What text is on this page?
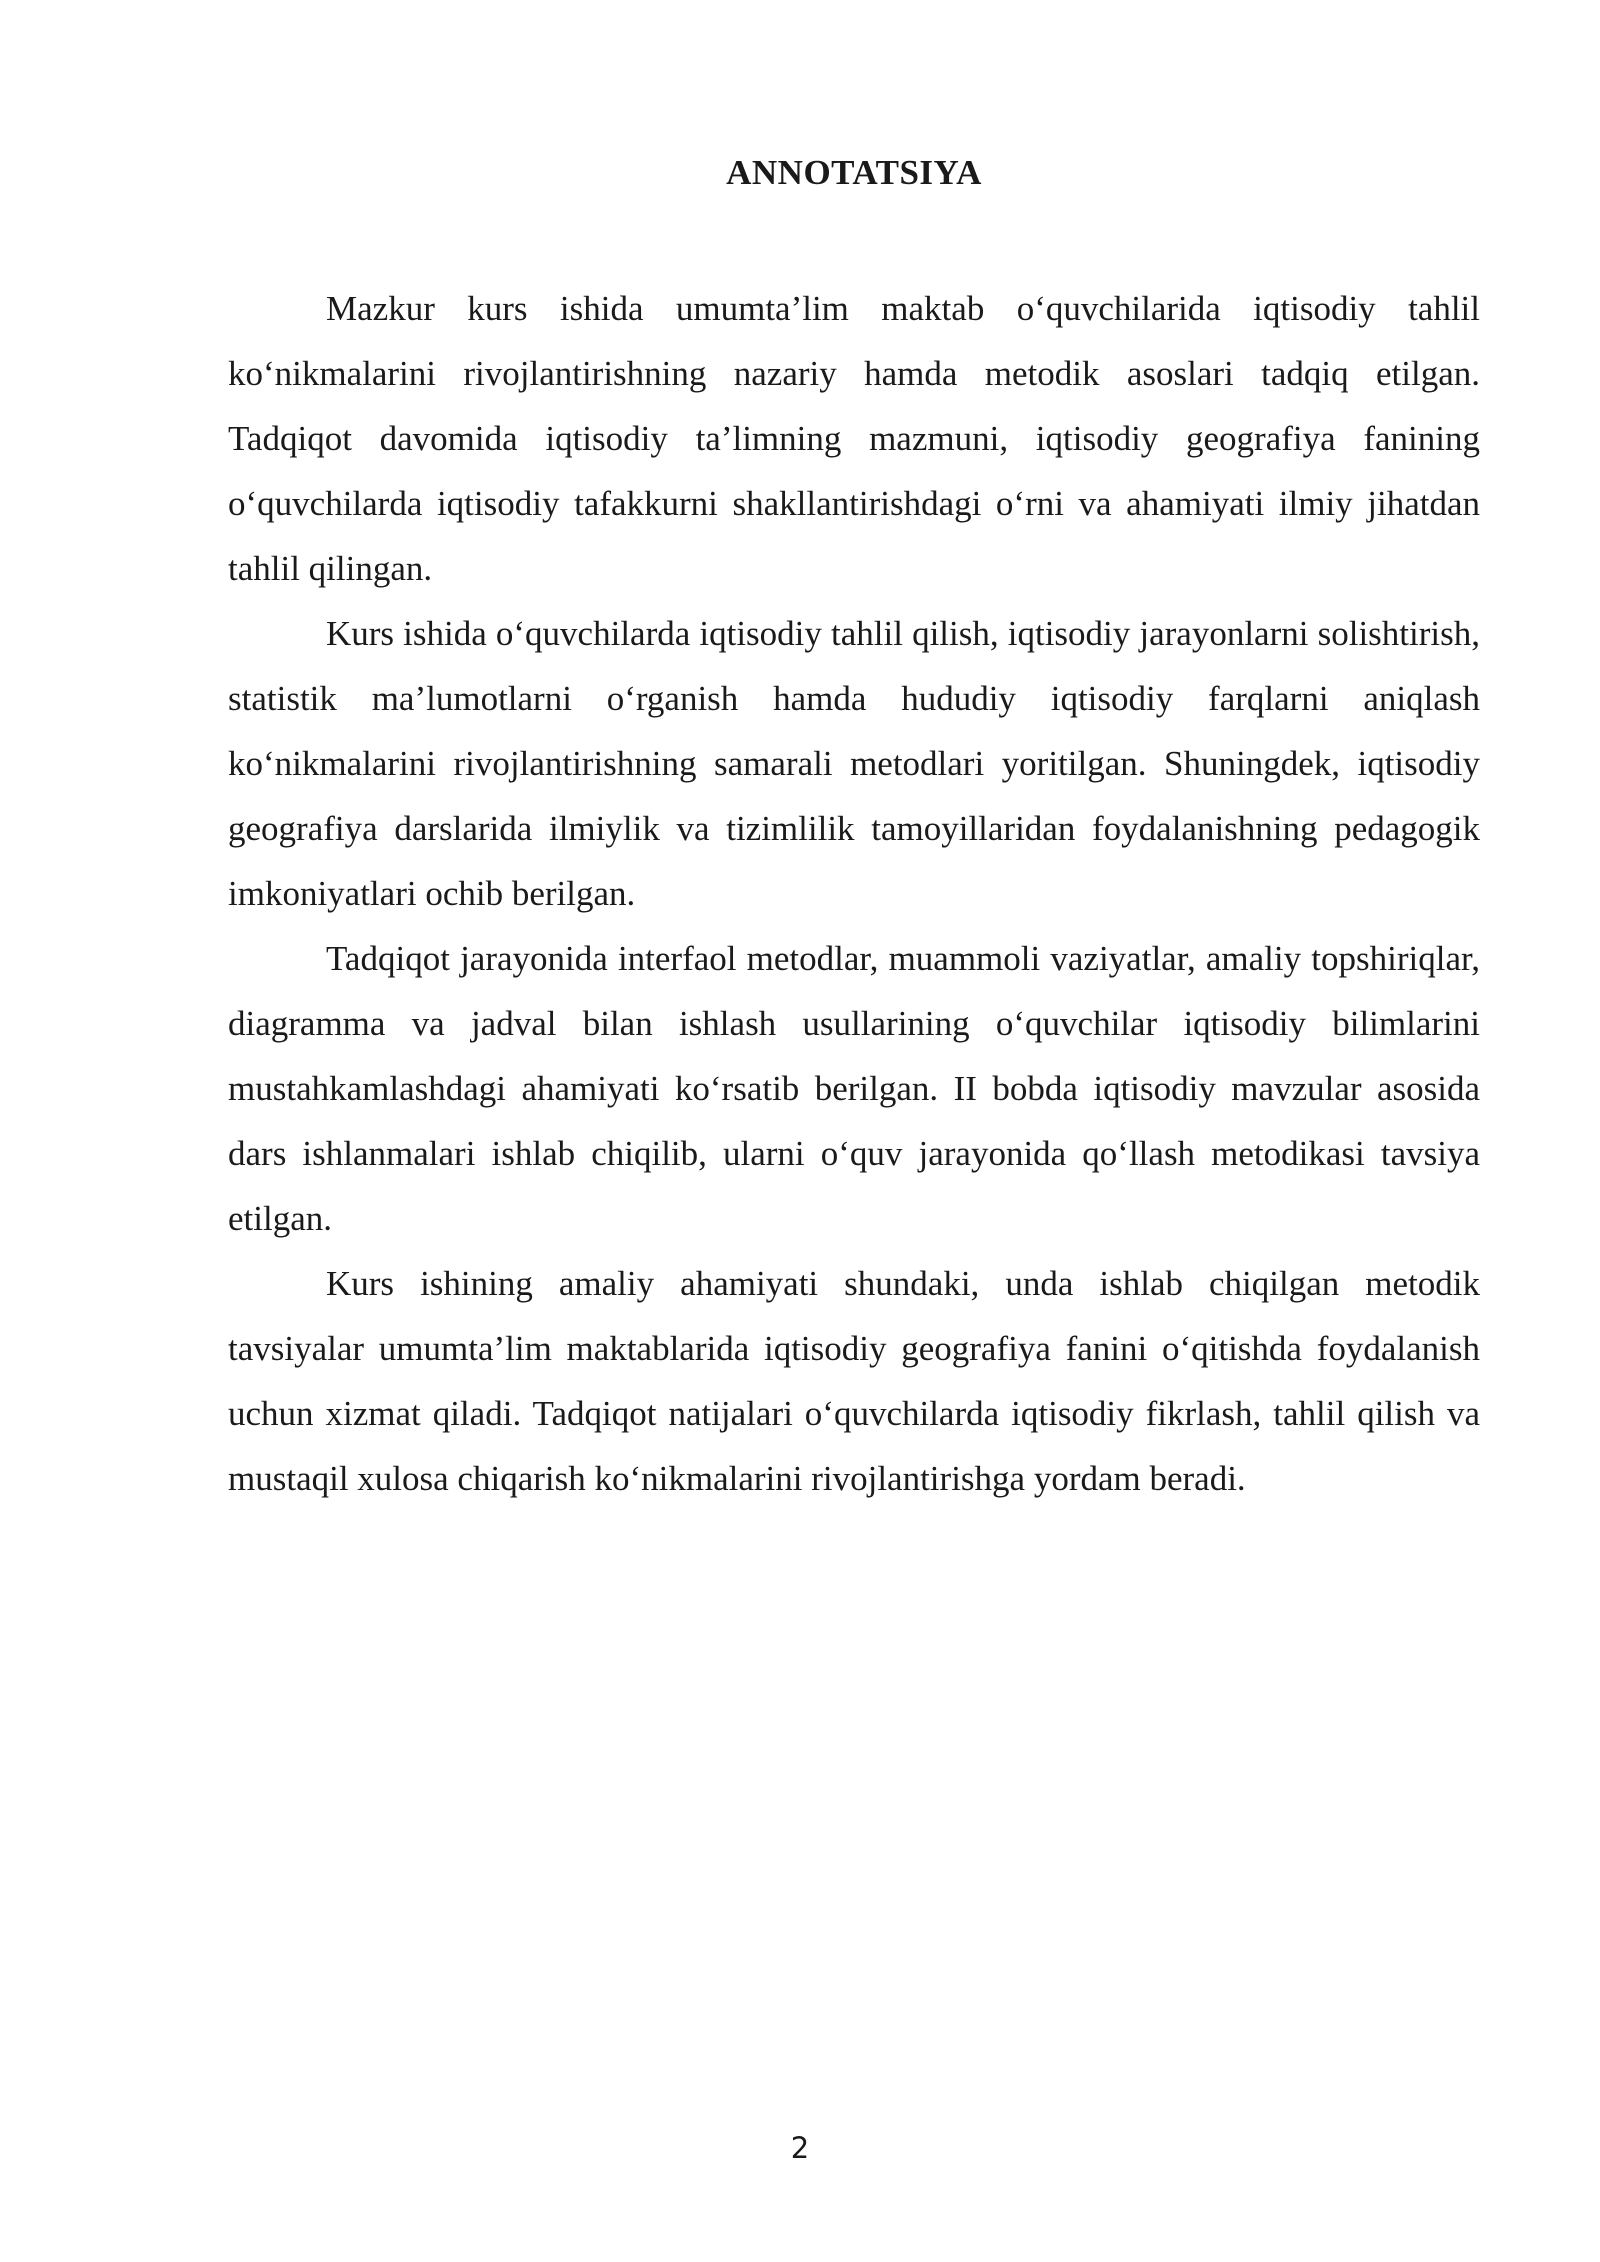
ANNOTATSIYA

Mazkur kurs ishida umumta’lim maktab o‘quvchilarida iqtisodiy tahlil ko‘nikmalarini rivojlantirishning nazariy hamda metodik asoslari tadqiq etilgan. Tadqiqot davomida iqtisodiy ta’limning mazmuni, iqtisodiy geografiya fanining o‘quvchilarda iqtisodiy tafakkurni shakllantirishdagi o‘rni va ahamiyati ilmiy jihatdan tahlil qilingan.

Kurs ishida o‘quvchilarda iqtisodiy tahlil qilish, iqtisodiy jarayonlarni solishtirish, statistik ma’lumotlarni o‘rganish hamda hududiy iqtisodiy farqlarni aniqlash ko‘nikmalarini rivojlantirishning samarali metodlari yoritilgan. Shuningdek, iqtisodiy geografiya darslarida ilmiylik va tizimlilik tamoyillaridan foydalanishning pedagogik imkoniyatlari ochib berilgan.

Tadqiqot jarayonida interfaol metodlar, muammoli vaziyatlar, amaliy topshiriqlar, diagramma va jadval bilan ishlash usullarining o‘quvchilar iqtisodiy bilimlarini mustahkamlashdagi ahamiyati ko‘rsatib berilgan. II bobda iqtisodiy mavzular asosida dars ishlanmalari ishlab chiqilib, ularni o‘quv jarayonida qo‘llash metodikasi tavsiya etilgan.

Kurs ishining amaliy ahamiyati shundaki, unda ishlab chiqilgan metodik tavsiyalar umumta’lim maktablarida iqtisodiy geografiya fanini o‘qitishda foydalanish uchun xizmat qiladi. Tadqiqot natijalari o‘quvchilarda iqtisodiy fikrlash, tahlil qilish va mustaqil xulosa chiqarish ko‘nikmalarini rivojlantirishga yordam beradi.

2
